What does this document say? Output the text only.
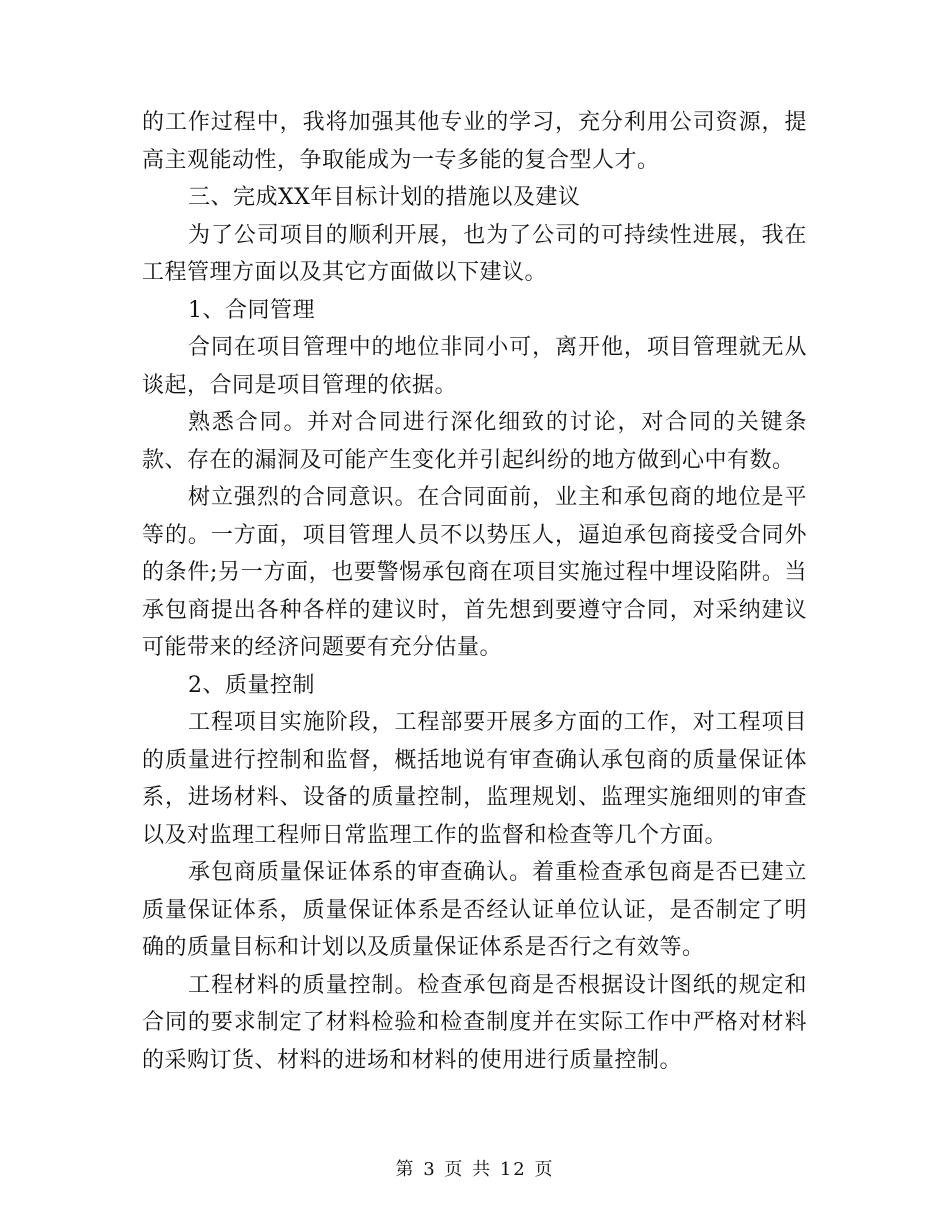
的工作过程中，我将加强其他专业的学习，充分利用公司资源，提高主观能动性，争取能成为一专多能的复合型人才。

三、完成XX年目标计划的措施以及建议

为了公司项目的顺利开展，也为了公司的可持续性进展，我在工程管理方面以及其它方面做以下建议。

1、合同管理

合同在项目管理中的地位非同小可，离开他，项目管理就无从谈起，合同是项目管理的依据。

熟悉合同。并对合同进行深化细致的讨论，对合同的关键条款、存在的漏洞及可能产生变化并引起纠纷的地方做到心中有数。

树立强烈的合同意识。在合同面前，业主和承包商的地位是平等的。一方面，项目管理人员不以势压人，逼迫承包商接受合同外的条件;另一方面，也要警惕承包商在项目实施过程中埋设陷阱。当承包商提出各种各样的建议时，首先想到要遵守合同，对采纳建议可能带来的经济问题要有充分估量。

2、质量控制

工程项目实施阶段，工程部要开展多方面的工作，对工程项目的质量进行控制和监督，概括地说有审查确认承包商的质量保证体系，进场材料、设备的质量控制，监理规划、监理实施细则的审查以及对监理工程师日常监理工作的监督和检查等几个方面。

承包商质量保证体系的审查确认。着重检查承包商是否已建立质量保证体系，质量保证体系是否经认证单位认证，是否制定了明确的质量目标和计划以及质量保证体系是否行之有效等。

工程材料的质量控制。检查承包商是否根据设计图纸的规定和合同的要求制定了材料检验和检查制度并在实际工作中严格对材料的采购订货、材料的进场和材料的使用进行质量控制。

第 3 页 共 12 页
